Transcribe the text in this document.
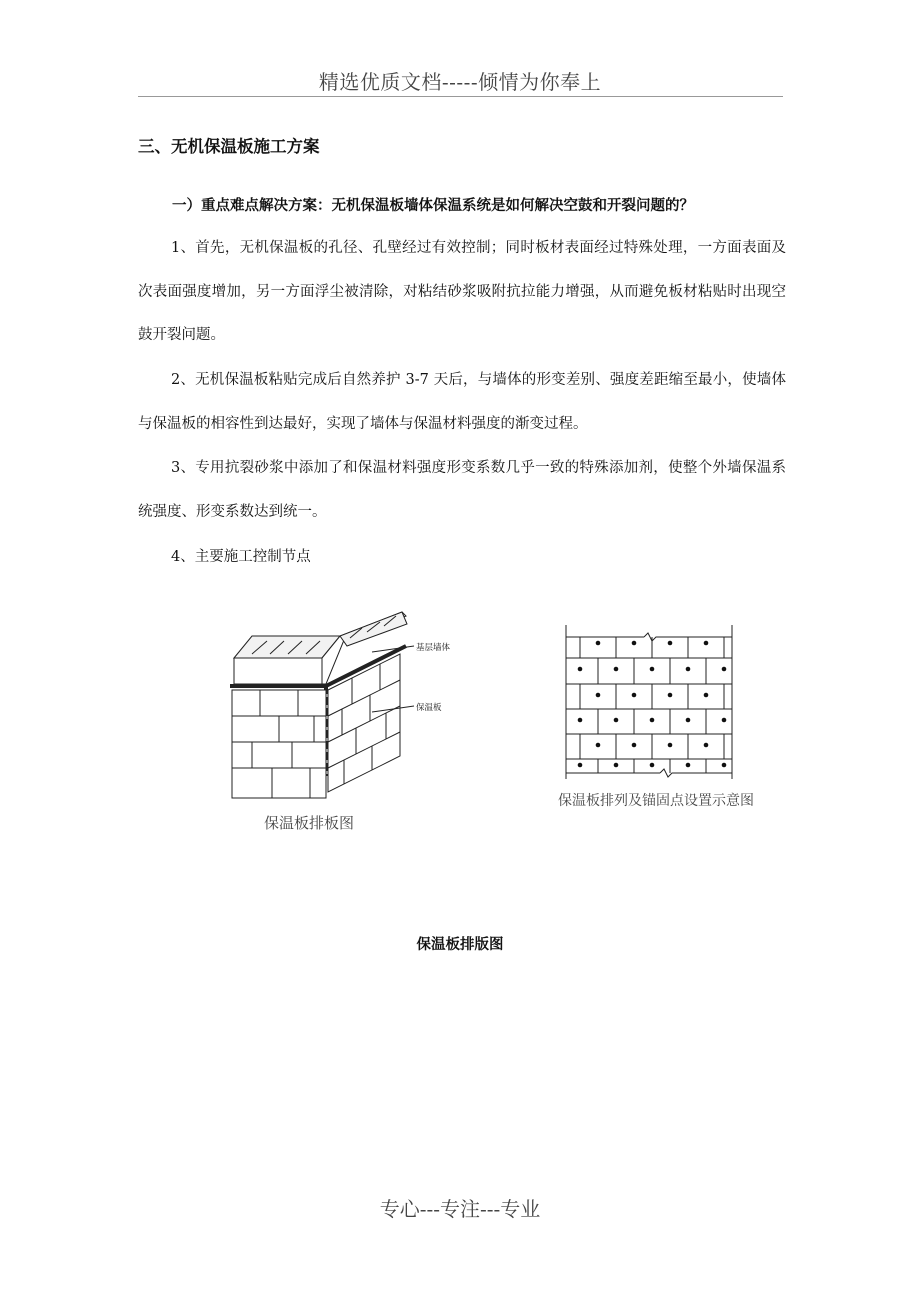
精选优质文档-----倾情为你奉上
三、无机保温板施工方案
一）重点难点解决方案：无机保温板墙体保温系统是如何解决空鼓和开裂问题的？

1、首先，无机保温板的孔径、孔壁经过有效控制；同时板材表面经过特殊处理，一方面表面及次表面强度增加，另一方面浮尘被清除，对粘结砂浆吸附抗拉能力增强，从而避免板材粘贴时出现空鼓开裂问题。

2、无机保温板粘贴完成后自然养护 3-7 天后，与墙体的形变差别、强度差距缩至最小，使墙体与保温板的相容性到达最好，实现了墙体与保温材料强度的渐变过程。

3、专用抗裂砂浆中添加了和保温材料强度形变系数几乎一致的特殊添加剂，使整个外墙保温系统强度、形变系数达到统一。

4、主要施工控制节点

基层墙体
保温板
保温板排板图
保温板排列及锚固点设置示意图
保温板排版图
专心---专注---专业
